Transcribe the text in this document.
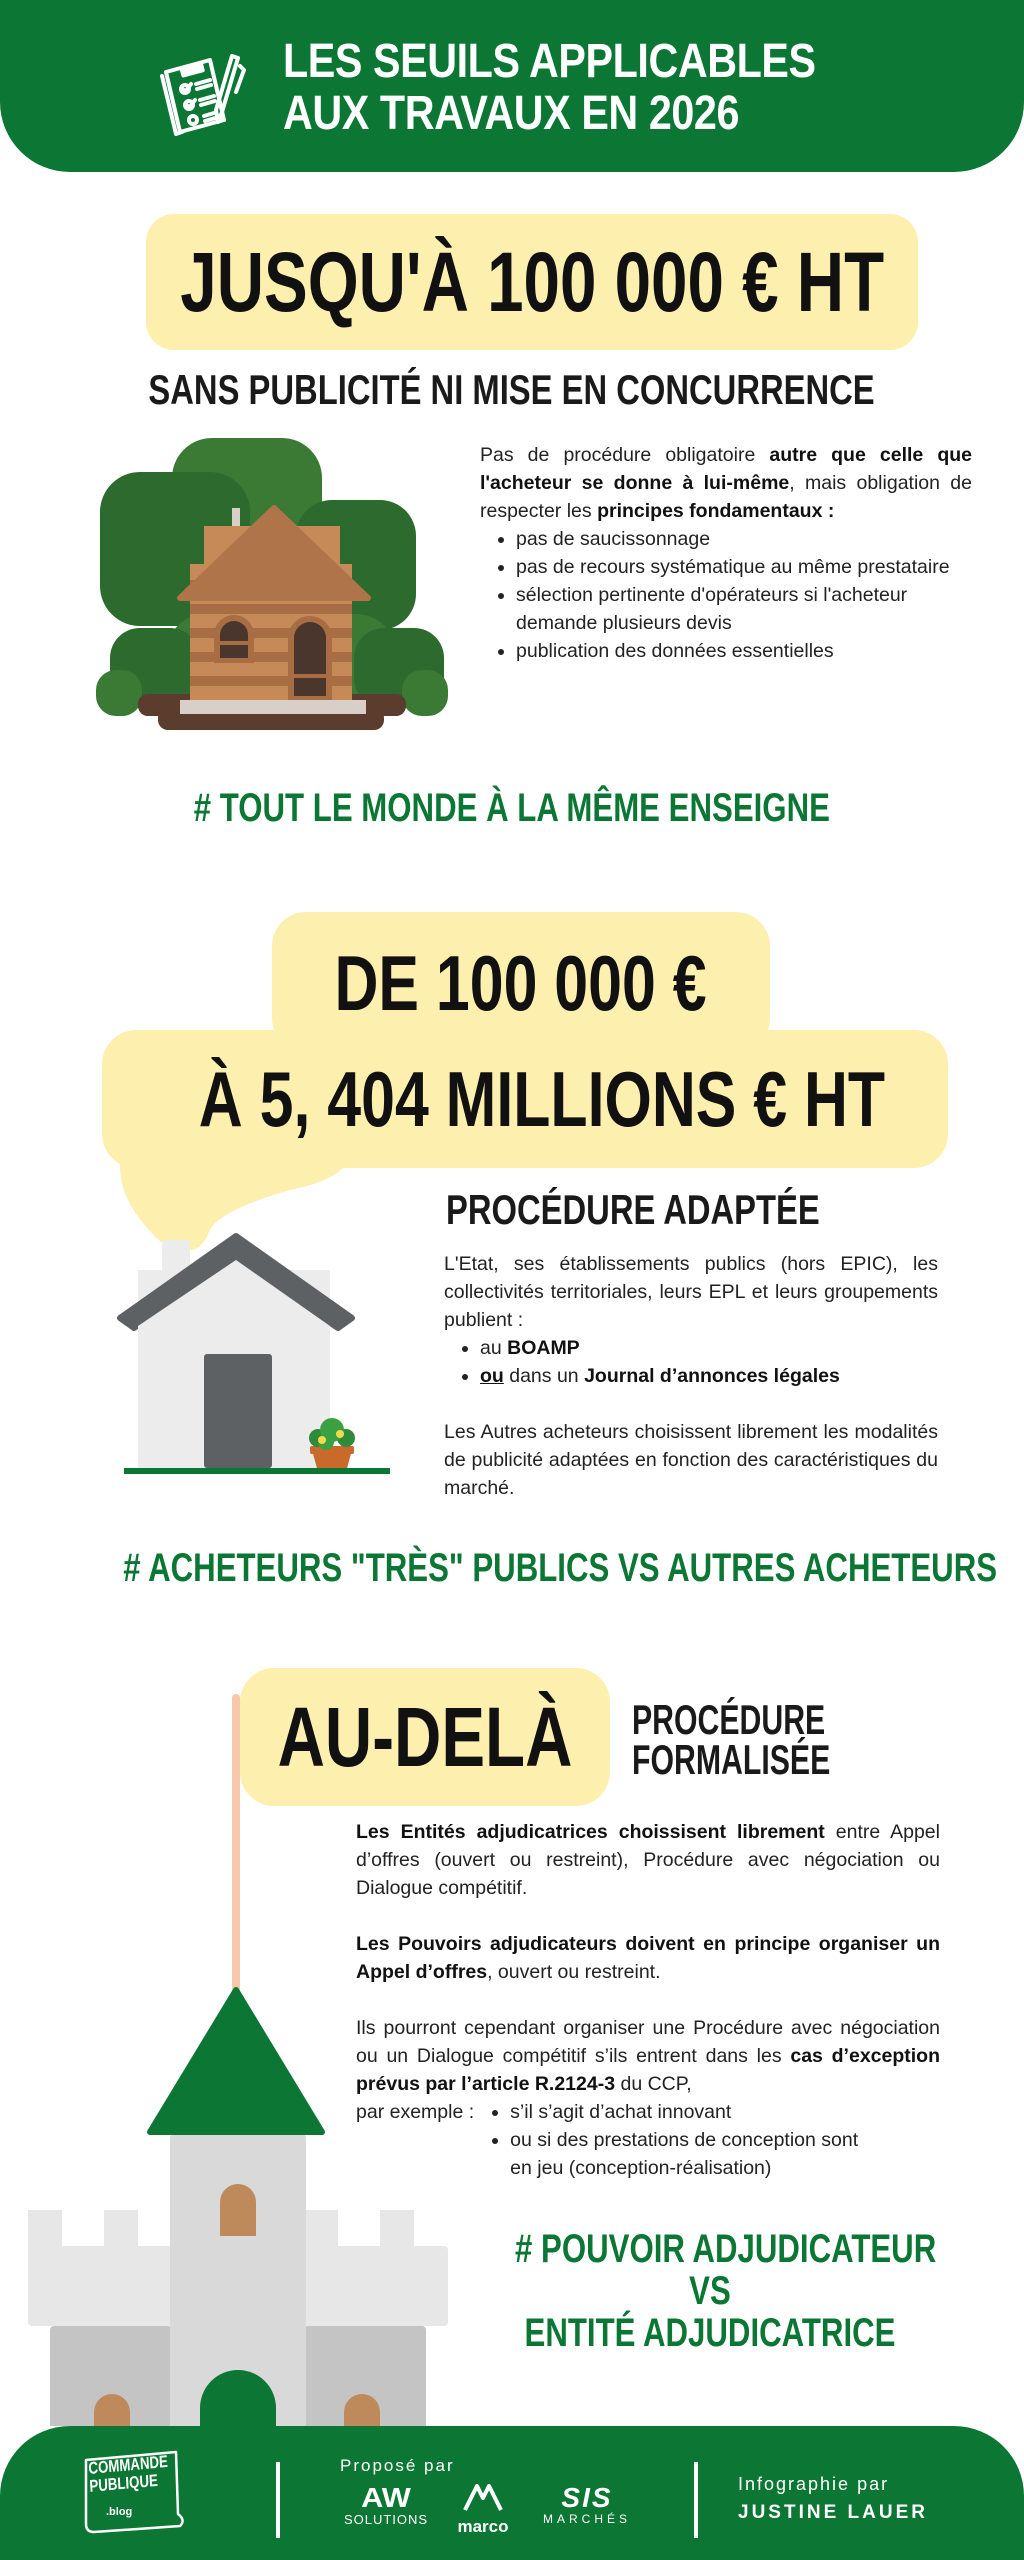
LES SEUILS APPLICABLES
AUX TRAVAUX EN 2026
JUSQU'À 100 000 € HT
SANS PUBLICITÉ NI MISE EN CONCURRENCE
Pas de procédure obligatoire autre que celle que l'acheteur se donne à lui-même, mais obligation de respecter les principes fondamentaux :
• pas de saucissonnage
• pas de recours systématique au même prestataire
• sélection pertinente d'opérateurs si l'acheteur demande plusieurs devis
• publication des données essentielles
# TOUT LE MONDE À LA MÊME ENSEIGNE
DE 100 000 €
À 5, 404 MILLIONS € HT
PROCÉDURE ADAPTÉE
L'Etat, ses établissements publics (hors EPIC), les collectivités territoriales, leurs EPL et leurs groupements publient :
• au BOAMP
• ou dans un Journal d’annonces légales
Les Autres acheteurs choisissent librement les modalités de publicité adaptées en fonction des caractéristiques du marché.
# ACHETEURS "TRÈS" PUBLICS VS AUTRES ACHETEURS
AU-DELÀ PROCÉDURE
FORMALISÉE

Les Entités adjudicatrices choissisent librement entre Appel d’offres (ouvert ou restreint), Procédure avec négociation ou Dialogue compétitif.

Les Pouvoirs adjudicateurs doivent en principe organiser un Appel d’offres, ouvert ou restreint.

Ils pourront cependant organiser une Procédure avec négociation ou un Dialogue compétitif s’ils entrent dans les cas d’exception prévus par l’article R.2124-3 du CCP,

par exemple : • s’il s’agit d’achat innovant
• ou si des prestations de conception sont en jeu (conception-réalisation)
# POUVOIR ADJUDICATEUR
VS
ENTITÉ ADJUDICATRICE
COMMANDE
PUBLIQUE
.blog
Proposé par
AW
SOLUTIONS	marco
SIS
MARCHÉS
Infographie par
JUSTINE LAUER
